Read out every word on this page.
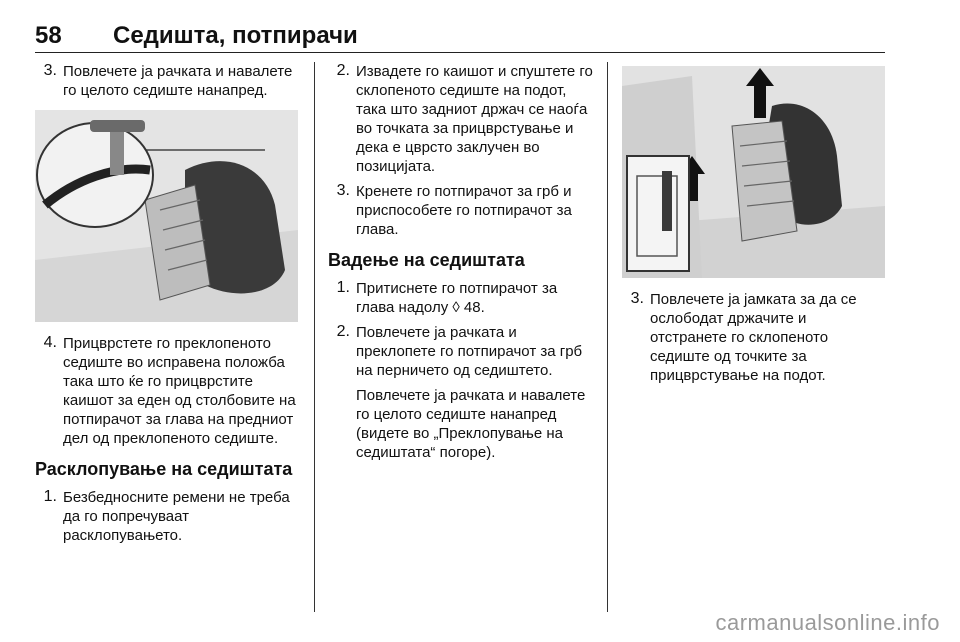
58 Седишта, потпирачи
3. Повлечете ја рачката и навалете го целото седиште нанапред.

4. Прицврстете го преклопеното седиште во исправена положба така што ќе го прицврстите каишот за еден од столбовите на потпирачот за глава на предниот дел од преклопеното седиште.

Расклопување на седиштата
1. Безбедносните ремени не треба да го попречуваат расклопувањето.

2. Извадете го каишот и спуштете го склопеното седиште на подот, така што задниот држач се наоѓа во точката за прицврстување и дека е цврсто заклучен во позицијата.

3. Кренете го потпирачот за грб и приспособете го потпирачот за глава.

Вадење на седиштата
1. Притиснете го потпирачот за глава надолу ◊ 48.

2. Повлечете ја рачката и преклопете го потпирачот за грб на перничето од седиштето.

Повлечете ја рачката и навалете го целото седиште нанапред (видете во „Преклопување на седиштата“ погоре).

3. Повлечете ја јамката за да се ослободат држачите и отстранете го склопеното седиште од точките за прицврстување на подот.

carmanualsonline.info
